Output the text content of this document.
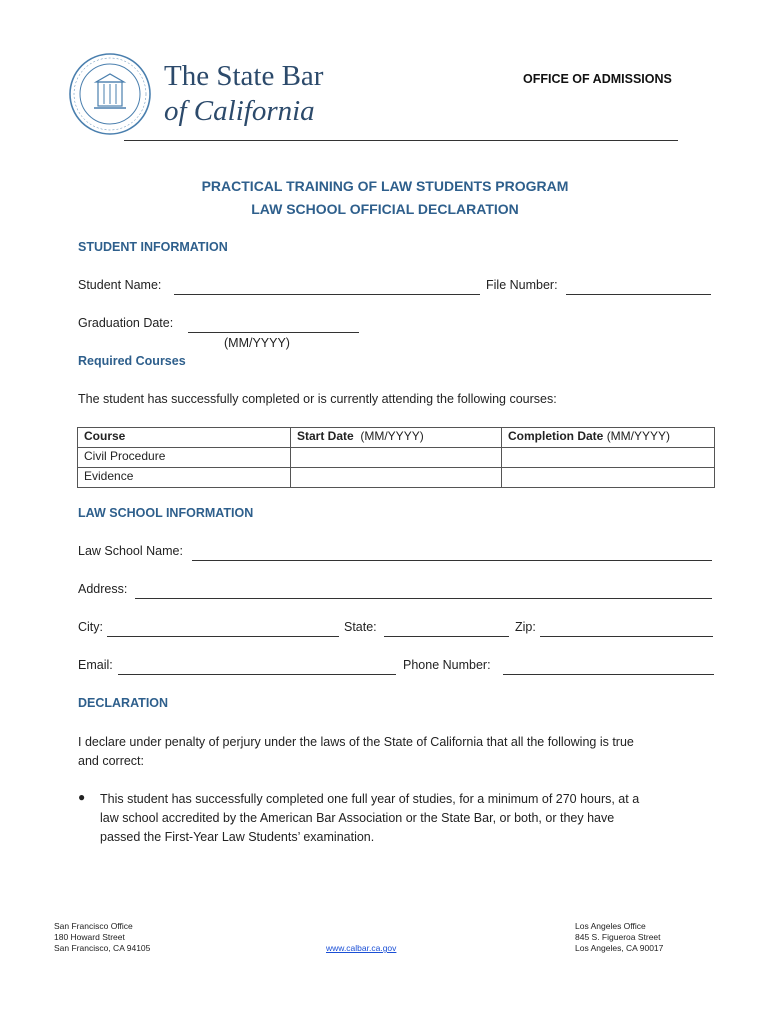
The State Bar
of California
OFFICE OF ADMISSIONS
PRACTICAL TRAINING OF LAW STUDENTS PROGRAM
LAW SCHOOL OFFICIAL DECLARATION
STUDENT INFORMATION
Student Name:	File Number:
Graduation Date:
(MM/YYYY)
Required Courses
The student has successfully completed or is currently attending the following courses:
Course	Start Date (MM/YYYY)	Completion Date (MM/YYYY)
Civil Procedure		
Evidence		
LAW SCHOOL INFORMATION
Law School Name:
Address:
City:	State:	Zip:
Email:	Phone Number:
DECLARATION
I declare under penalty of perjury under the laws of the State of California that all the following is true
and correct:
● This student has successfully completed one full year of studies, for a minimum of 270 hours, at a
law school accredited by the American Bar Association or the State Bar, or both, or they have
passed the First-Year Law Students’ examination.
San Francisco Office
180 Howard Street
San Francisco, CA 94105	www.calbar.ca.gov
Los Angeles Office
845 S. Figueroa Street
Los Angeles, CA 90017
